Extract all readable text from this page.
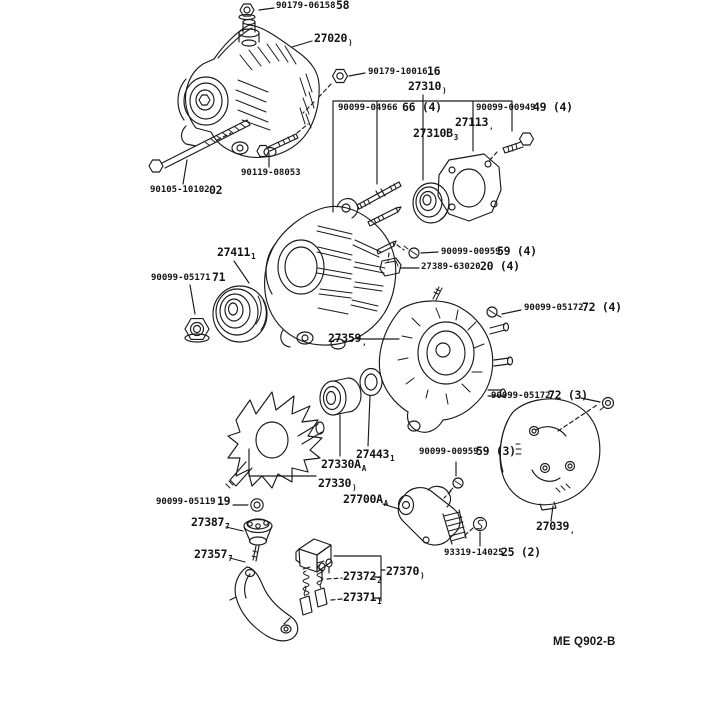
90179-06158 58
$27020_)$
90179-10016 16
$27310_)$
90099-04966 66 (4)	90099-00949
49 (4)
$27113_,$
$27310B_3$
90119-08053
90105-10102 02
$27411_1$
90099-05171 71
90099-00959
59 (4)
27389-63020 20 (4)
90099-05172
72 (4)
$27359_,$
90099-05172
72 (3)
$27443_1$
$27330A_A$
$27330_)$
90099-00959
59 (3)
$27700A_A$
90099-05119 19
$27387_7$
$27357_7$
93319-14025
25 (2)
$27039_,$
$27372_2$
$27371_1$
$27370_)$
ME Q902-B
